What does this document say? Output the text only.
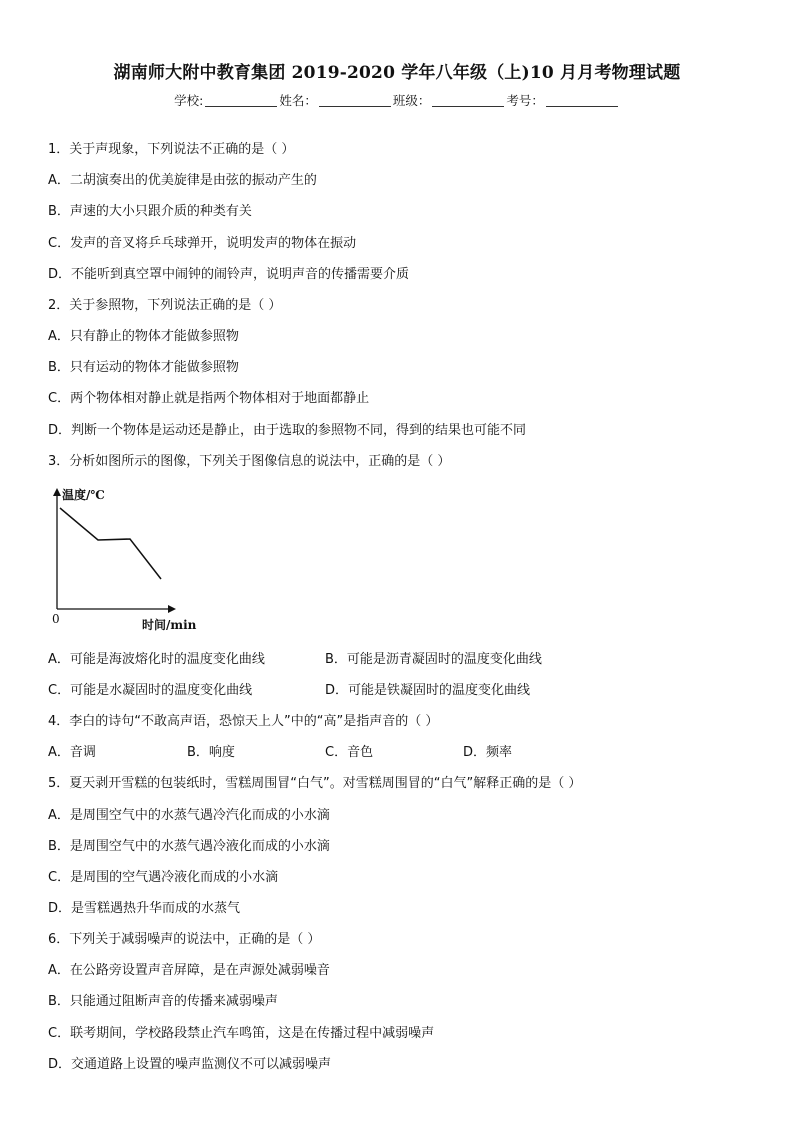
湖南师大附中教育集团 2019-2020 学年八年级（上)10 月月考物理试题
学校:	姓名：	班级：	考号：
1．关于声现象，下列说法不正确的是（ ）
A．二胡演奏出的优美旋律是由弦的振动产生的
B．声速的大小只跟介质的种类有关
C．发声的音叉将乒乓球弹开，说明发声的物体在振动
D．不能听到真空罩中闹钟的闹铃声，说明声音的传播需要介质
2．关于参照物，下列说法正确的是（ ）
A．只有静止的物体才能做参照物
B．只有运动的物体才能做参照物
C．两个物体相对静止就是指两个物体相对于地面都静止
D．判断一个物体是运动还是静止，由于选取的参照物不同，得到的结果也可能不同
3．分析如图所示的图像，下列关于图像信息的说法中，正确的是（ ）
温度/℃
时间/min
0
A．可能是海波熔化时的温度变化曲线	B．可能是沥青凝固时的温度变化曲线
C．可能是水凝固时的温度变化曲线	D．可能是铁凝固时的温度变化曲线
4．李白的诗句“不敢高声语，恐惊天上人”中的“高”是指声音的（ ）
A．音调	B．响度	C．音色	D．频率
5．夏天剥开雪糕的包装纸时，雪糕周围冒“白气”。对雪糕周围冒的“白气”解释正确的是（ ）
A．是周围空气中的水蒸气遇冷汽化而成的小水滴
B．是周围空气中的水蒸气遇冷液化而成的小水滴
C．是周围的空气遇冷液化而成的小水滴
D．是雪糕遇热升华而成的水蒸气
6．下列关于减弱噪声的说法中，正确的是（ ）
A．在公路旁设置声音屏障，是在声源处减弱噪音
B．只能通过阻断声音的传播来减弱噪声
C．联考期间，学校路段禁止汽车鸣笛，这是在传播过程中减弱噪声
D．交通道路上设置的噪声监测仪不可以减弱噪声
